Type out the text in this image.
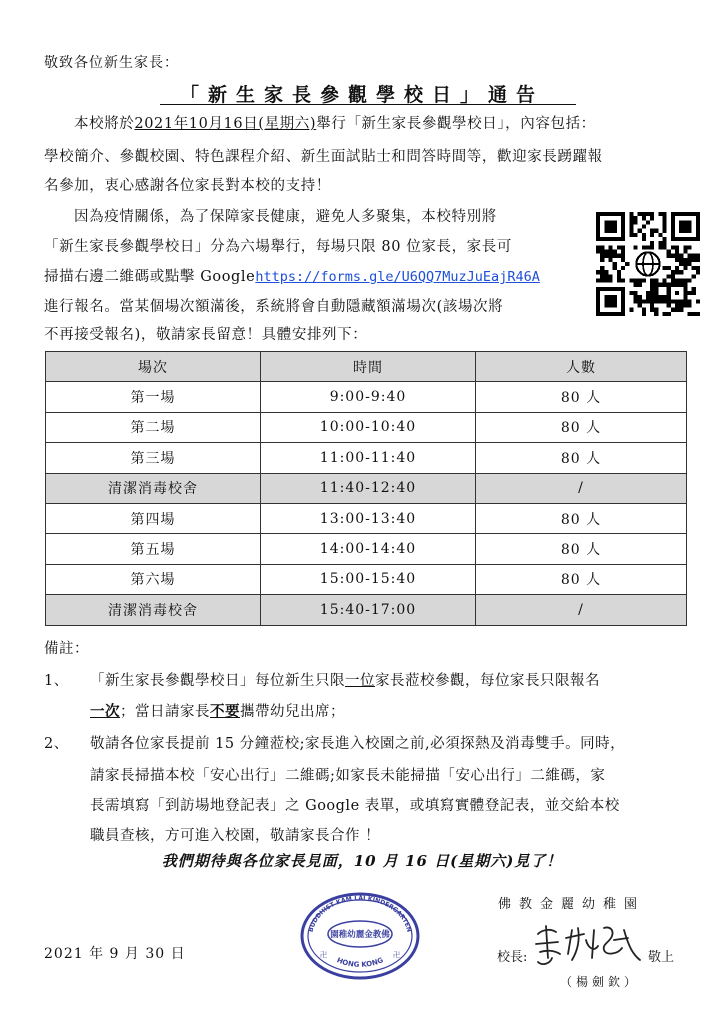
敬致各位新生家長：
「新生家長參觀學校日」通告
本校將於2021年10月16日(星期六)舉行「新生家長參觀學校日」，內容包括：
學校簡介、參觀校園、特色課程介紹、新生面試貼士和問答時間等，歡迎家長踴躍報
名參加，衷心感謝各位家長對本校的支持！
因為疫情關係，為了保障家長健康，避免人多聚集，本校特別將
「新生家長參觀學校日」分為六場舉行，每場只限 80 位家長，家長可
掃描右邊二維碼或點擊 Googlehttps://forms.gle/U6QQ7MuzJuEajR46A
進行報名。當某個場次額滿後，系統將會自動隱藏額滿場次(該場次將
不再接受報名)，敬請家長留意！具體安排列下：
場次	時間	人數
第一場	9:00-9:40	80 人
第二場	10:00-10:40	80 人
第三場	11:00-11:40	80 人
清潔消毒校舍	11:40-12:40	/
第四場	13:00-13:40	80 人
第五場	14:00-14:40	80 人
第六場	15:00-15:40	80 人
清潔消毒校舍	15:40-17:00	/
備註：
1、 「新生家長參觀學校日」每位新生只限一位家長蒞校參觀，每位家長只限報名
一次；當日請家長不要攜帶幼兒出席；
2、 敬請各位家長提前 15 分鐘蒞校;家長進入校園之前,必須探熱及消毒雙手。同時，
請家長掃描本校「安心出行」二維碼;如家長未能掃描「安心出行」二維碼，家
長需填寫「到訪場地登記表」之 Google 表單，或填寫實體登記表，並交給本校
職員查核，方可進入校園，敬請家長合作 ！
我們期待與各位家長見面，10 月 16 日(星期六)見了！
佛教金麗幼稚園
BUDDHIST KAM LAI KINDERGARTEN
園稚幼麗金教佛
HONG KONG
卍	卍
2021 年 9 月 30 日	校長:	敬上
（楊劍欽）
